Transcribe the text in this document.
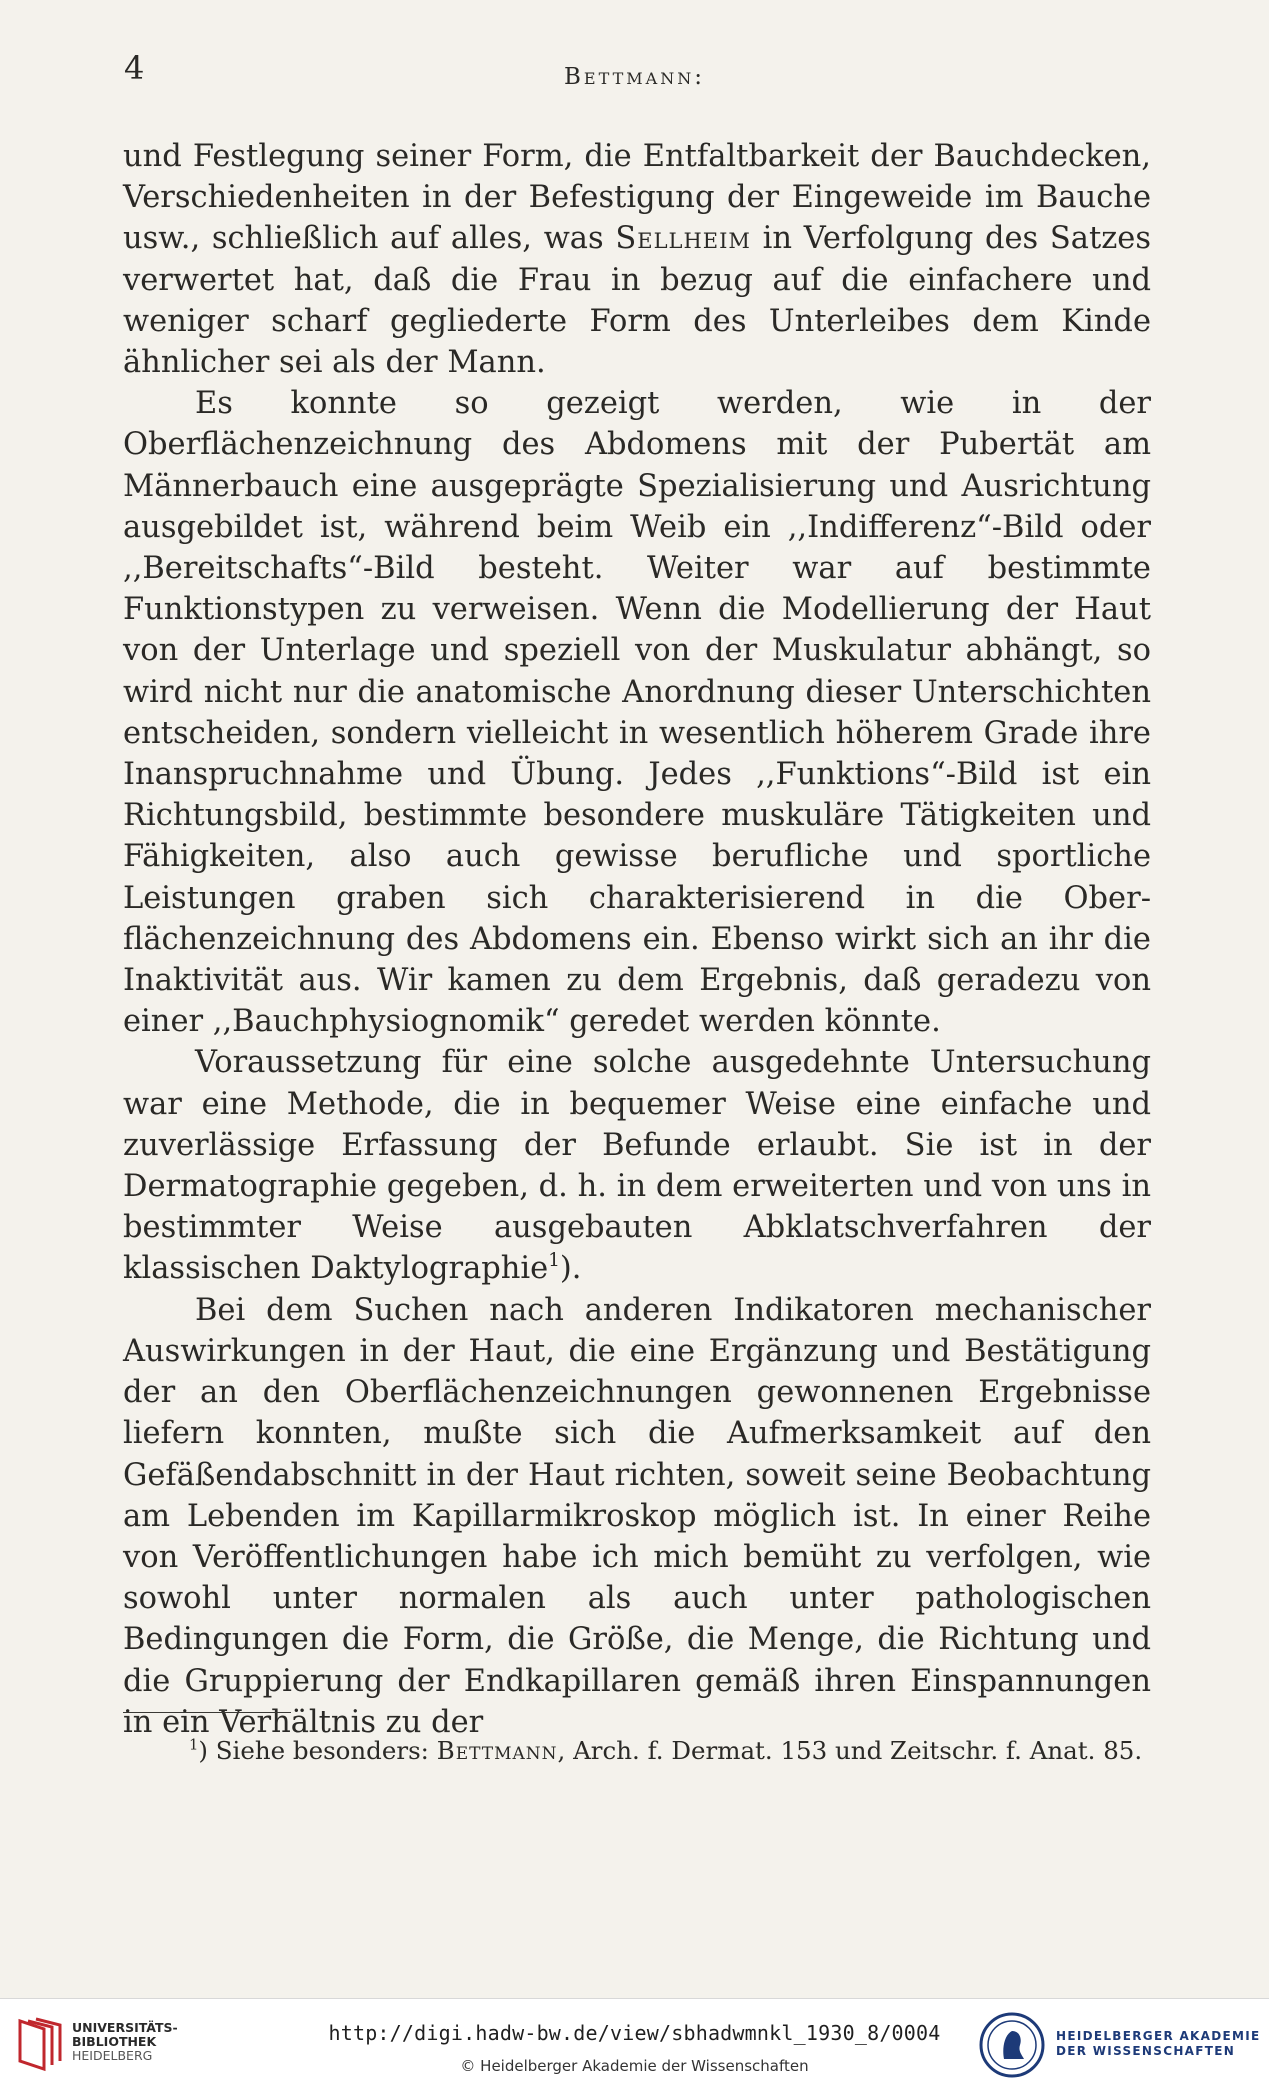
4	Bettmann:

und Festlegung seiner Form, die Entfaltbarkeit der Bauchdecken, Verschiedenheiten in der Befestigung der Eingeweide im Bauche usw., schließlich auf alles, was Sellheim in Verfolgung des Satzes verwertet hat, daß die Frau in bezug auf die einfachere und weniger scharf gegliederte Form des Unterleibes dem Kinde ähnlicher sei als der Mann.

Es konnte so gezeigt werden, wie in der Oberflächenzeichnung des Abdomens mit der Pubertät am Männerbauch eine ausgeprägte Spezialisierung und Ausrichtung ausgebildet ist, während beim Weib ein ,,Indifferenz“-Bild oder ,,Bereitschafts“-Bild besteht. Weiter war auf bestimmte Funktionstypen zu verweisen. Wenn die Modellierung der Haut von der Unterlage und speziell von der Muskulatur abhängt, so wird nicht nur die anatomische Anordnung dieser Unterschichten entscheiden, sondern vielleicht in wesentlich höherem Grade ihre Inanspruchnahme und Übung. Jedes ,,Funktions“-Bild ist ein Richtungsbild, bestimmte besondere muskuläre Tätigkeiten und Fähigkeiten, also auch gewisse berufliche und sportliche Leistungen graben sich charakterisierend in die Oberflächenzeichnung des Abdomens ein. Ebenso wirkt sich an ihr die Inaktivität aus. Wir kamen zu dem Ergebnis, daß geradezu von einer ,,Bauchphysiognomik“ geredet werden könnte.

Voraussetzung für eine solche ausgedehnte Untersuchung war eine Methode, die in bequemer Weise eine einfache und zuverlässige Erfassung der Befunde erlaubt. Sie ist in der Dermatographie gegeben, d. h. in dem erweiterten und von uns in bestimmter Weise ausgebauten Abklatschverfahren der klassischen Daktylographie$^1$).

Bei dem Suchen nach anderen Indikatoren mechanischer Auswirkungen in der Haut, die eine Ergänzung und Bestätigung der an den Oberflächenzeichnungen gewonnenen Ergebnisse liefern konnten, mußte sich die Aufmerksamkeit auf den Gefäßendabschnitt in der Haut richten, soweit seine Beobachtung am Lebenden im Kapillarmikroskop möglich ist. In einer Reihe von Veröffentlichungen habe ich mich bemüht zu verfolgen, wie sowohl unter normalen als auch unter pathologischen Bedingungen die Form, die Größe, die Menge, die Richtung und die Gruppierung der Endkapillaren gemäß ihren Einspannungen in ein Verhältnis zu der

$^1$) Siehe besonders: Bettmann, Arch. f. Dermat. 153 und Zeitschr. f. Anat. 85.
UNIVERSITÄTS-
BIBLIOTHEK
HEIDELBERG
http://digi.hadw-bw.de/view/sbhadwmnkl_1930_8/0004
© Heidelberger Akademie der Wissenschaften
HEIDELBERGER AKADEMIE
DER WISSENSCHAFTEN
